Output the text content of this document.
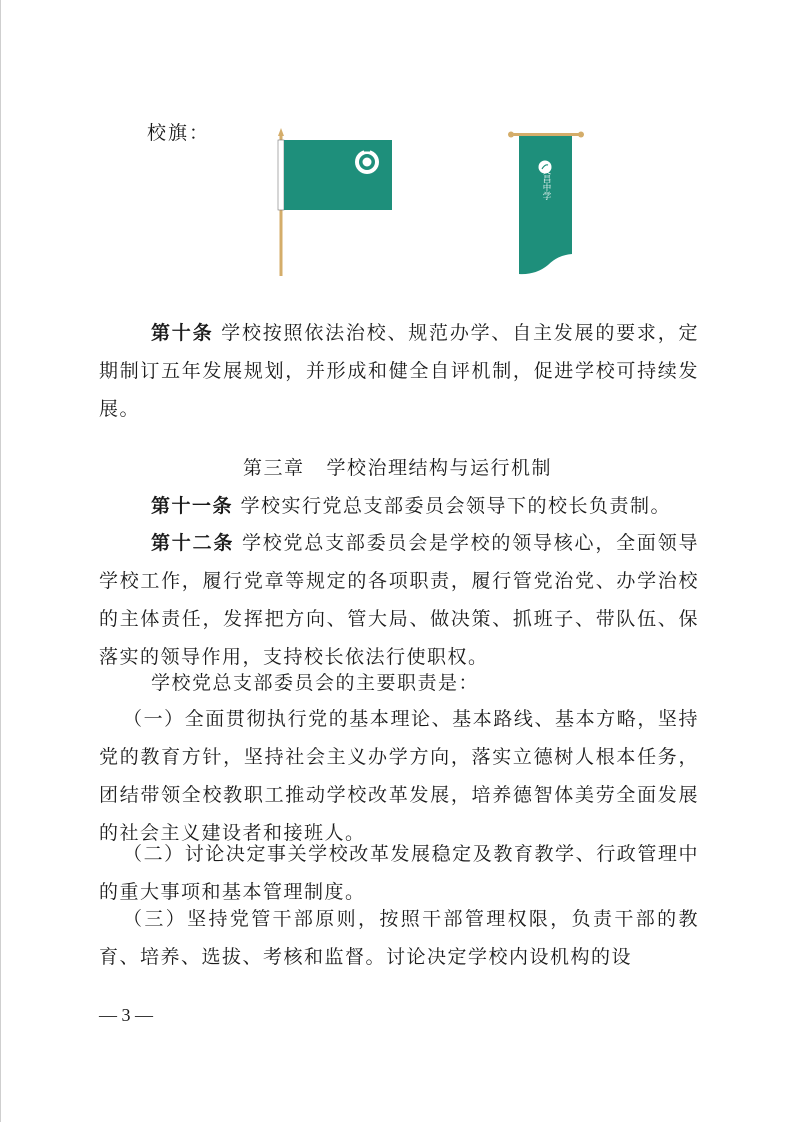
校旗：
文昌中学

第十条 学校按照依法治校、规范办学、自主发展的要求，定期制订五年发展规划，并形成和健全自评机制，促进学校可持续发展。

第三章 学校治理结构与运行机制

第十一条 学校实行党总支部委员会领导下的校长负责制。

第十二条 学校党总支部委员会是学校的领导核心，全面领导学校工作，履行党章等规定的各项职责，履行管党治党、办学治校的主体责任，发挥把方向、管大局、做决策、抓班子、带队伍、保落实的领导作用，支持校长依法行使职权。

学校党总支部委员会的主要职责是：

（一）全面贯彻执行党的基本理论、基本路线、基本方略，坚持党的教育方针，坚持社会主义办学方向，落实立德树人根本任务，团结带领全校教职工推动学校改革发展，培养德智体美劳全面发展的社会主义建设者和接班人。

（二）讨论决定事关学校改革发展稳定及教育教学、行政管理中的重大事项和基本管理制度。

（三）坚持党管干部原则，按照干部管理权限，负责干部的教育、培养、选拔、考核和监督。讨论决定学校内设机构的设

— 3 —
